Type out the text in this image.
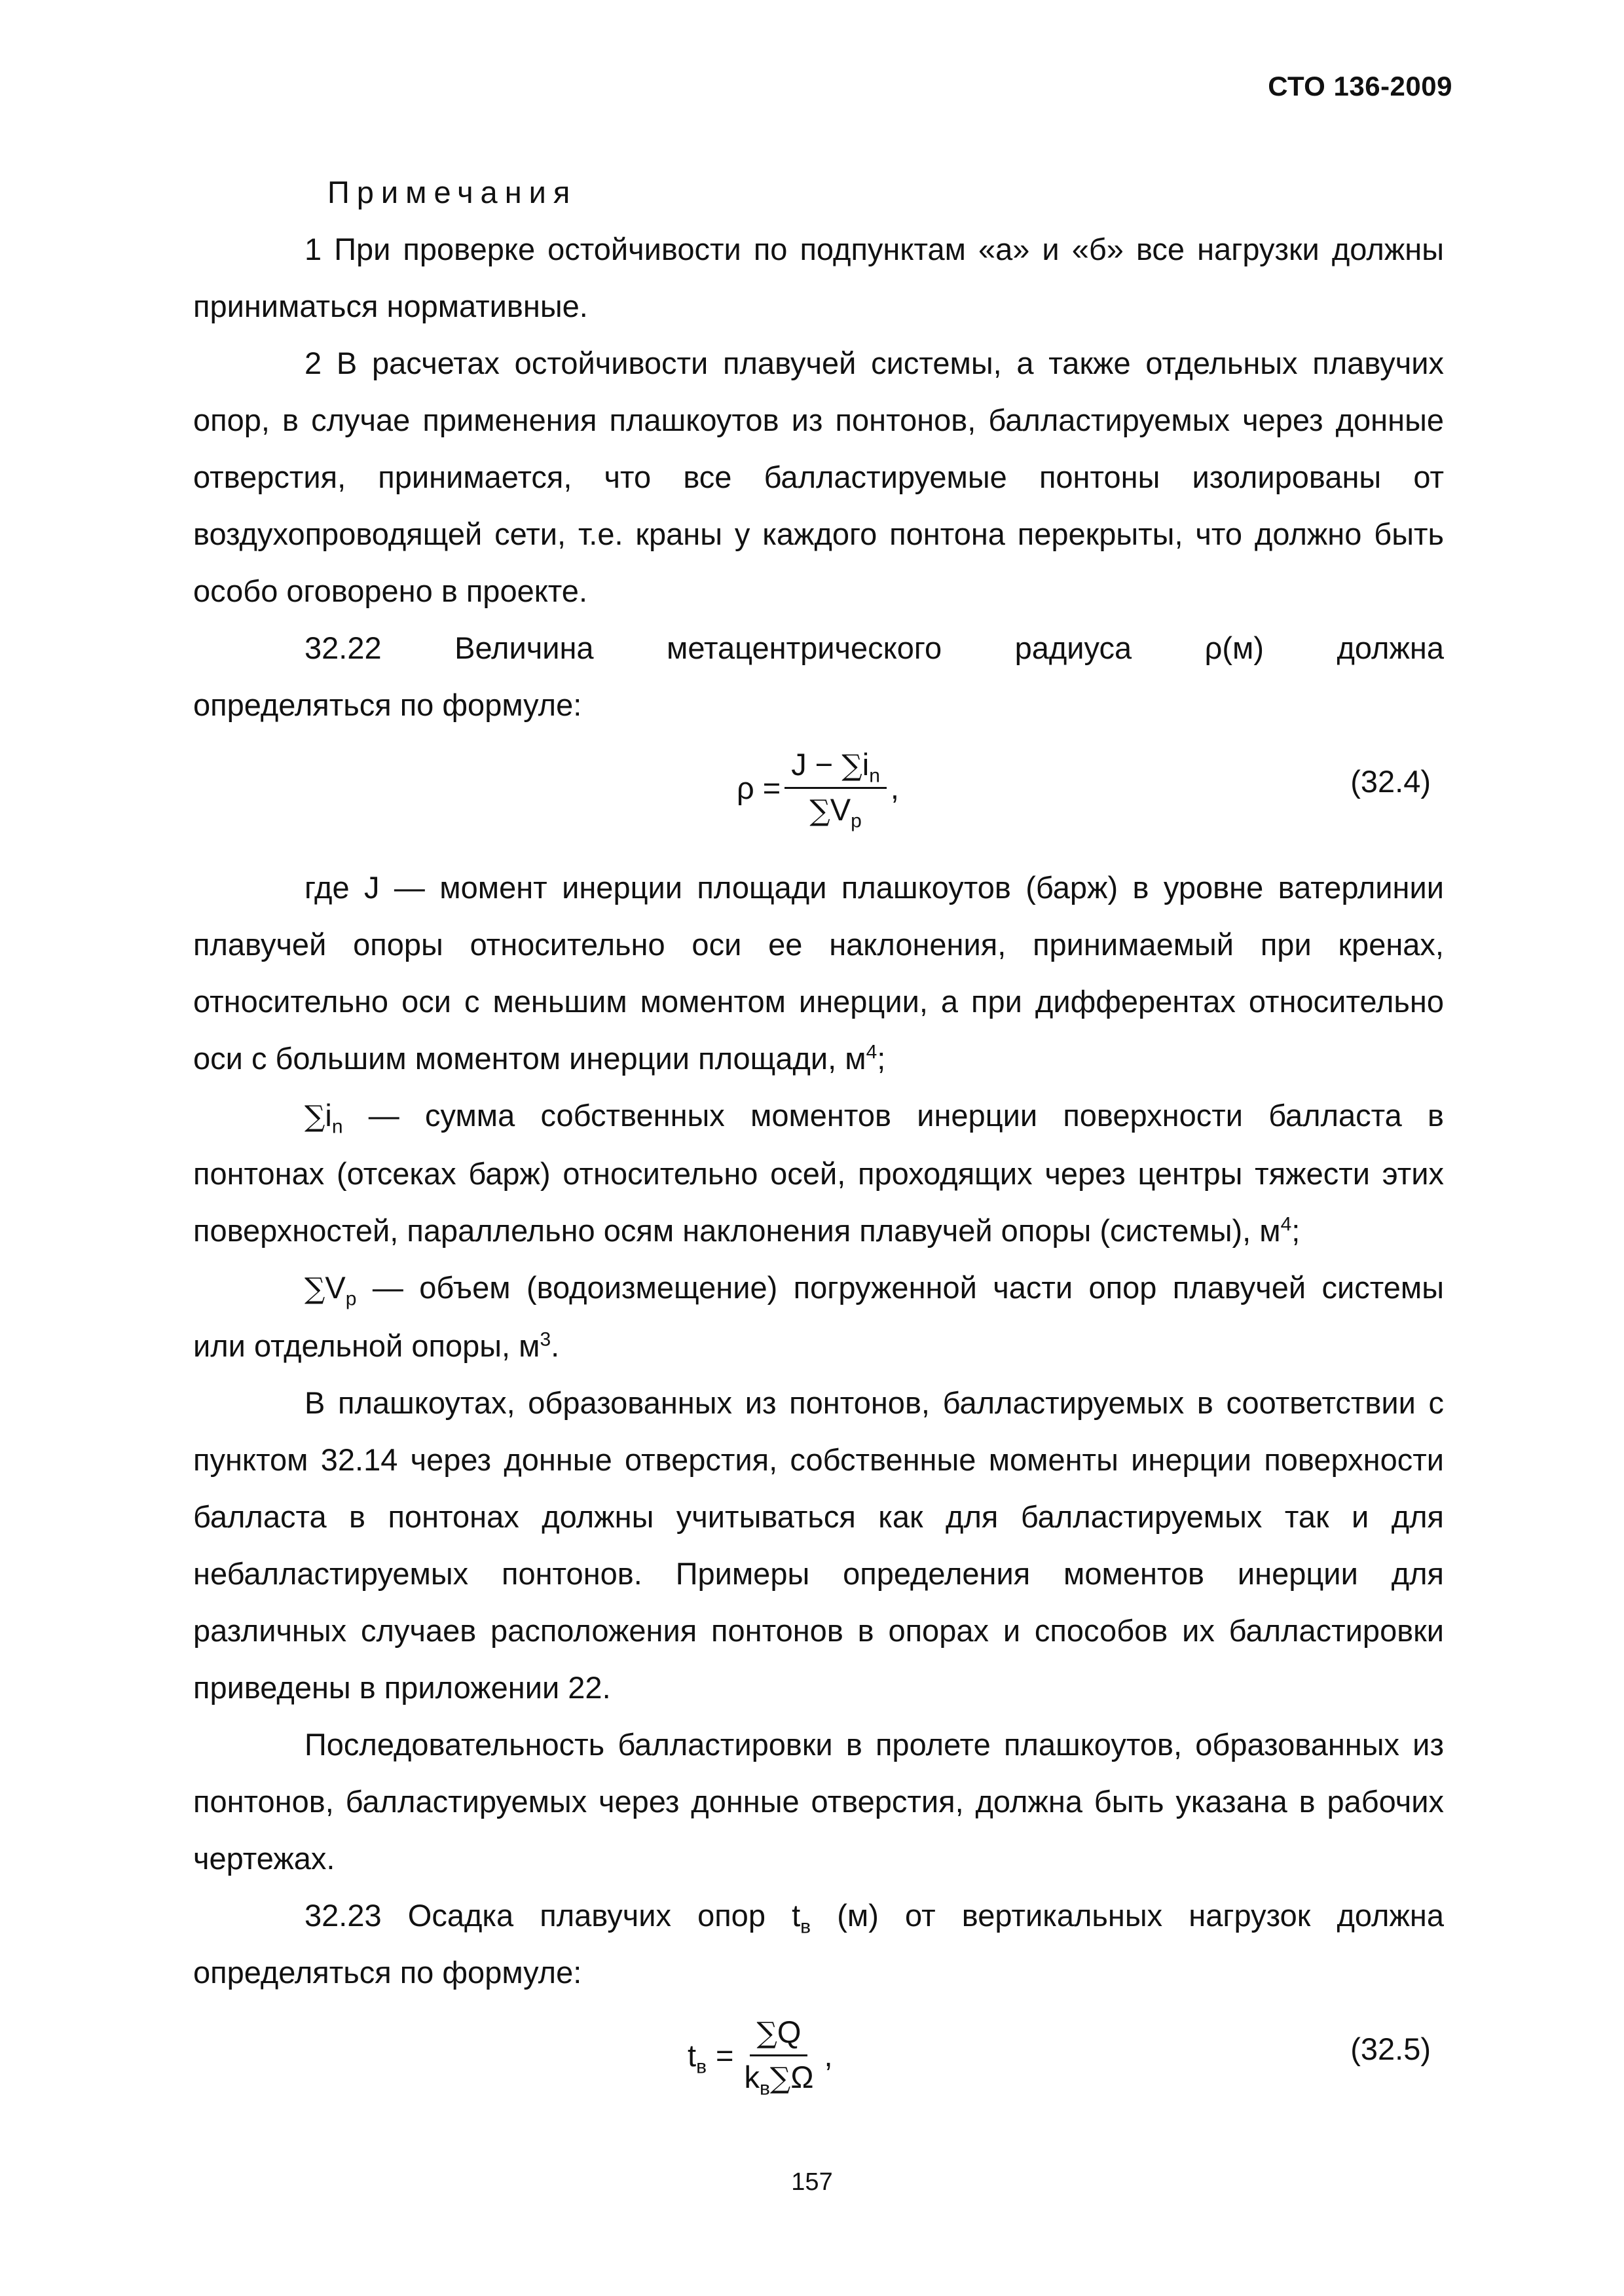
СТО 136-2009

Примечания

1 При проверке остойчивости по подпунктам «а» и «б» все нагрузки должны приниматься нормативные.

2 В расчетах остойчивости плавучей системы, а также отдельных плавучих опор, в случае применения плашкоутов из понтонов, балластируемых через донные отверстия, принимается, что все балластируемые понтоны изолированы от воздухопроводящей сети, т.е. краны у каждого понтона перекрыты, что должно быть особо оговорено в проекте.

32.22 Величина метацентрического радиуса ρ(м) должна

определяться по формуле:

$\rho = \frac{J - \sum i_n}{\sum V_p}$ ,	(32.4)

где J — момент инерции площади плашкоутов (барж) в уровне ватерлинии плавучей опоры относительно оси ее наклонения, принимаемый при кренах, относительно оси с меньшим моментом инерции, а при дифферентах относительно оси с большим моментом инерции площади, $м^4$;

$\sum i_n$ — сумма собственных моментов инерции поверхности балласта в понтонах (отсеках барж) относительно осей, проходящих через центры тяжести этих поверхностей, параллельно осям наклонения плавучей опоры (системы), $м^4$;

$\sum V_p$ — объем (водоизмещение) погруженной части опор плавучей системы или отдельной опоры, $м^3$.

В плашкоутах, образованных из понтонов, балластируемых в соответствии с пунктом 32.14 через донные отверстия, собственные моменты инерции поверхности балласта в понтонах должны учитываться как для балластируемых так и для небалластируемых понтонов. Примеры определения моментов инерции для различных случаев расположения понтонов в опорах и способов их балластировки приведены в приложении 22.

Последовательность балластировки в пролете плашкоутов, образованных из понтонов, балластируемых через донные отверстия, должна быть указана в рабочих чертежах.

32.23 Осадка плавучих опор $t_в$ (м) от вертикальных нагрузок должна определяться по формуле:

$t_в = \frac{\sum Q}{k_в\sum\Omega}$ ,	(32.5)
157
